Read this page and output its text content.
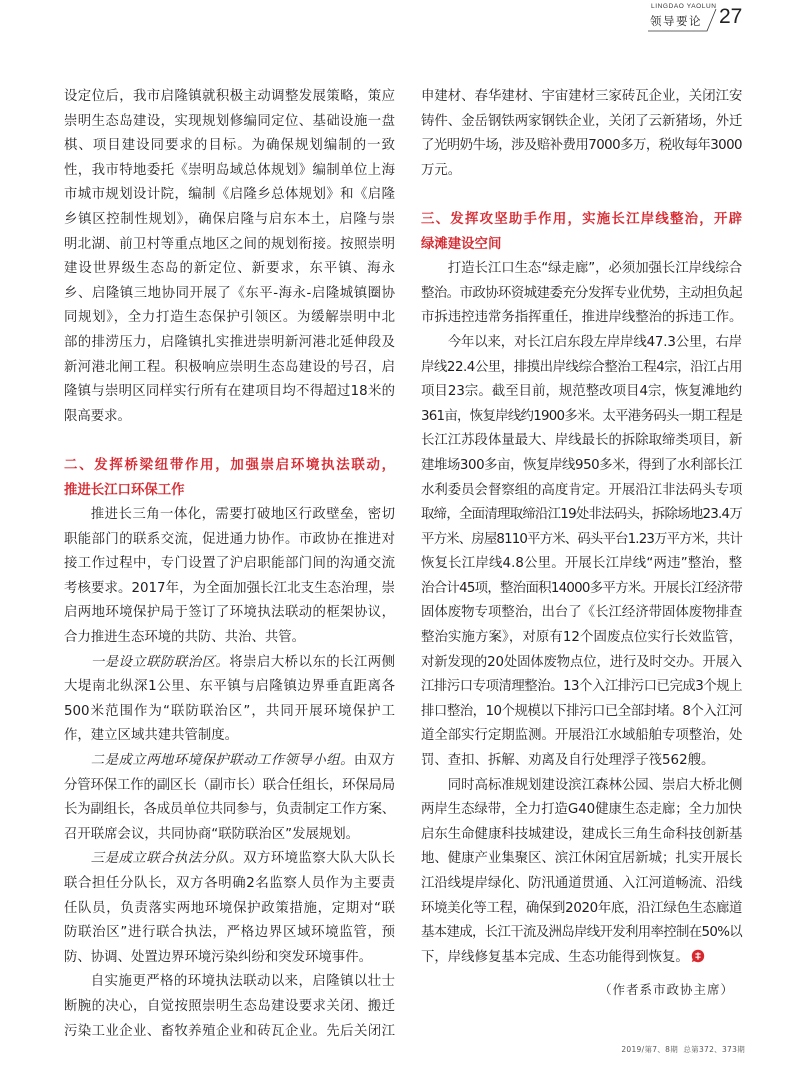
LINGDAO YAOLUN
领导要论 27
设定位后，我市启隆镇就积极主动调整发展策略，策应
崇明生态岛建设，实现规划修编同定位、基础设施一盘
棋、项目建设同要求的目标。为确保规划编制的一致
性，我市特地委托《崇明岛域总体规划》编制单位上海
市城市规划设计院，编制《启隆乡总体规划》和《启隆
乡镇区控制性规划》，确保启隆与启东本土，启隆与崇
明北湖、前卫村等重点地区之间的规划衔接。按照崇明
建设世界级生态岛的新定位、新要求，东平镇、海永
乡、启隆镇三地协同开展了《东平-海永-启隆城镇圈协
同规划》，全力打造生态保护引领区。为缓解崇明中北
部的排涝压力，启隆镇扎实推进崇明新河港北延伸段及
新河港北闸工程。积极响应崇明生态岛建设的号召，启
隆镇与崇明区同样实行所有在建项目均不得超过18米的
限高要求。
二、发挥桥梁纽带作用，加强崇启环境执法联动，
推进长江口环保工作
推进长三角一体化，需要打破地区行政壁垒，密切
职能部门的联系交流，促进通力协作。市政协在推进对
接工作过程中，专门设置了沪启职能部门间的沟通交流
考核要求。2017年，为全面加强长江北支生态治理，崇
启两地环境保护局于签订了环境执法联动的框架协议，
合力推进生态环境的共防、共治、共管。
一是设立联防联治区。将崇启大桥以东的长江两侧
大堤南北纵深1公里、东平镇与启隆镇边界垂直距离各
500米范围作为“联防联治区”，共同开展环境保护工
作，建立区域共建共管制度。
二是成立两地环境保护联动工作领导小组。由双方
分管环保工作的副区长（副市长）联合任组长，环保局局
长为副组长，各成员单位共同参与，负责制定工作方案、
召开联席会议，共同协商“联防联治区”发展规划。
三是成立联合执法分队。双方环境监察大队大队长
联合担任分队长，双方各明确2名监察人员作为主要责
任队员，负责落实两地环境保护政策措施，定期对“联
防联治区”进行联合执法，严格边界区域环境监管，预
防、协调、处置边界环境污染纠纷和突发环境事件。
自实施更严格的环境执法联动以来，启隆镇以壮士
断腕的决心，自觉按照崇明生态岛建设要求关闭、搬迁
污染工业企业、畜牧养殖企业和砖瓦企业。先后关闭江
申建材、春华建材、宇宙建材三家砖瓦企业，关闭江安
铸件、金岳钢铁两家钢铁企业，关闭了云新猪场，外迁
了光明奶牛场，涉及赔补费用7000多万，税收每年3000
万元。
三、发挥攻坚助手作用，实施长江岸线整治，开辟
绿滩建设空间
打造长江口生态“绿走廊”，必须加强长江岸线综合
整治。市政协环资城建委充分发挥专业优势，主动担负起
市拆违控违常务指挥重任，推进岸线整治的拆违工作。
今年以来，对长江启东段左岸岸线47.3公里，右岸
岸线22.4公里，排摸出岸线综合整治工程4宗，沿江占用
项目23宗。截至目前，规范整改项目4宗，恢复滩地约
361亩，恢复岸线约1900多米。太平港务码头一期工程是
长江江苏段体量最大、岸线最长的拆除取缔类项目，新
建堆场300多亩，恢复岸线950多米，得到了水利部长江
水利委员会督察组的高度肯定。开展沿江非法码头专项
取缔，全面清理取缔沿江19处非法码头，拆除场地23.4万
平方米、房屋8110平方米、码头平台1.23万平方米，共计
恢复长江岸线4.8公里。开展长江岸线“两违”整治，整
治合计45项，整治面积14000多平方米。开展长江经济带
固体废物专项整治，出台了《长江经济带固体废物排查
整治实施方案》，对原有12个固废点位实行长效监管，
对新发现的20处固体废物点位，进行及时交办。开展入
江排污口专项清理整治。13个入江排污口已完成3个规上
排口整治，10个规模以下排污口已全部封堵。8个入江河
道全部实行定期监测。开展沿江水域船舶专项整治，处
罚、查扣、拆解、劝离及自行处理浮子筏562艘。
同时高标准规划建设滨江森林公园、崇启大桥北侧
两岸生态绿带，全力打造G40健康生态走廊；全力加快
启东生命健康科技城建设，建成长三角生命科技创新基
地、健康产业集聚区、滨江休闲宜居新城；扎实开展长
江沿线堤岸绿化、防汛通道贯通、入江河道畅流、沿线
环境美化等工程，确保到2020年底，沿江绿色生态廊道
基本建成，长江干流及洲岛岸线开发利用率控制在50%以
下，岸线修复基本完成、生态功能得到恢复。
（作者系市政协主席）
2019/第7、8期  总第372、373期
